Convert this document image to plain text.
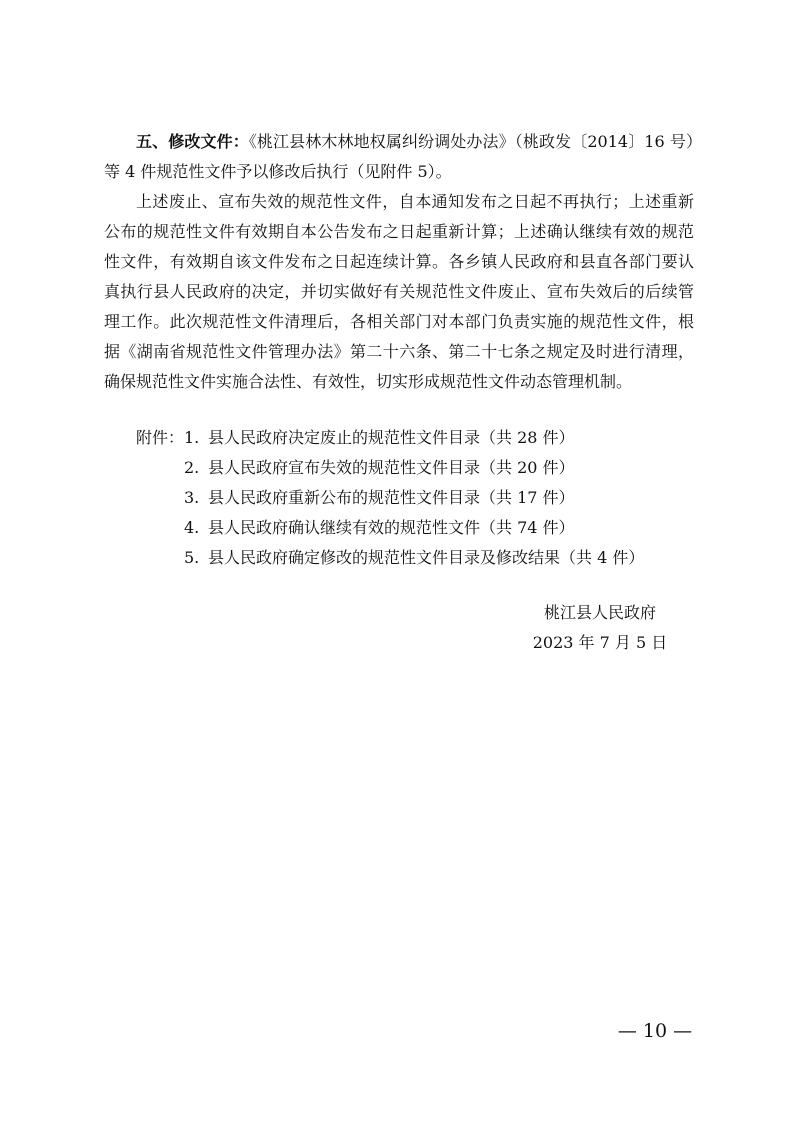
五、修改文件：《桃江县林木林地权属纠纷调处办法》（桃政发〔2014〕16 号）等 4 件规范性文件予以修改后执行（见附件 5）。

上述废止、宣布失效的规范性文件，自本通知发布之日起不再执行；上述重新公布的规范性文件有效期自本公告发布之日起重新计算；上述确认继续有效的规范性文件，有效期自该文件发布之日起连续计算。各乡镇人民政府和县直各部门要认真执行县人民政府的决定，并切实做好有关规范性文件废止、宣布失效后的后续管理工作。此次规范性文件清理后，各相关部门对本部门负责实施的规范性文件，根据《湖南省规范性文件管理办法》第二十六条、第二十七条之规定及时进行清理，确保规范性文件实施合法性、有效性，切实形成规范性文件动态管理机制。

附件： 1. 县人民政府决定废止的规范性文件目录（共 28 件）
2. 县人民政府宣布失效的规范性文件目录（共 20 件）
3. 县人民政府重新公布的规范性文件目录（共 17 件）
4. 县人民政府确认继续有效的规范性文件（共 74 件）
5. 县人民政府确定修改的规范性文件目录及修改结果（共 4 件）
桃江县人民政府
2023 年 7 月 5 日
— 10 —
